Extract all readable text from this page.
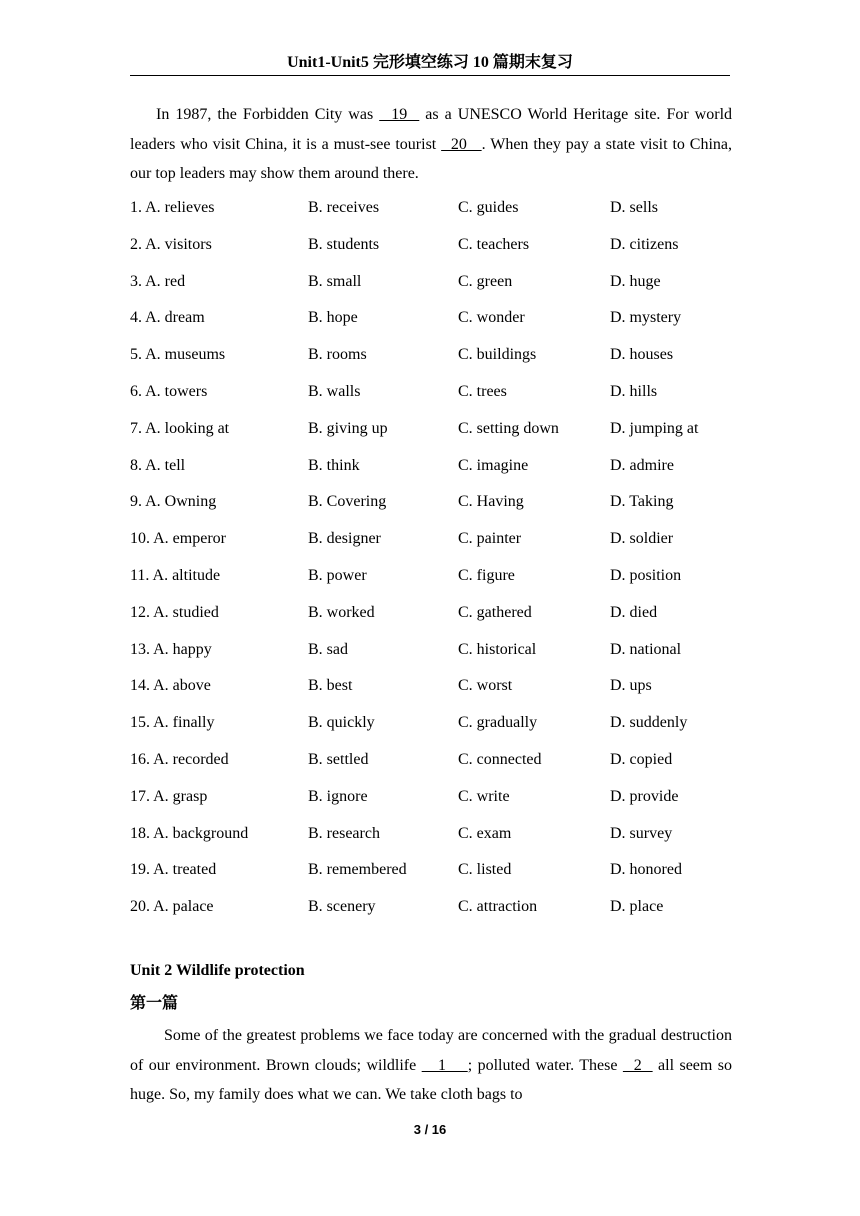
Unit1-Unit5 完形填空练习 10 篇期末复习

In 1987, the Forbidden City was   19   as a UNESCO World Heritage site. For world leaders who visit China, it is a must-see tourist   20   . When they pay a state visit to China, our top leaders may show them around there.

1. A. relieves	B. receives	C. guides	D. sells
2. A. visitors	B. students	C. teachers	D. citizens
3. A. red	B. small	C. green	D. huge
4. A. dream	B. hope	C. wonder	D. mystery
5. A. museums	B. rooms	C. buildings	D. houses
6. A. towers	B. walls	C. trees	D. hills
7. A. looking at	B. giving up	C. setting down	D. jumping at
8. A. tell	B. think	C. imagine	D. admire
9. A. Owning	B. Covering	C. Having	D. Taking
10. A. emperor	B. designer	C. painter	D. soldier
11. A. altitude	B. power	C. figure	D. position
12. A. studied	B. worked	C. gathered	D. died
13. A. happy	B. sad	C. historical	D. national
14. A. above	B. best	C. worst	D. ups
15. A. finally	B. quickly	C. gradually	D. suddenly
16. A. recorded	B. settled	C. connected	D. copied
17. A. grasp	B. ignore	C. write	D. provide
18. A. background	B. research	C. exam	D. survey
19. A. treated	B. remembered	C. listed	D. honored
20. A. palace	B. scenery	C. attraction	D. place
Unit 2 Wildlife protection
第一篇

Some of the greatest problems we face today are concerned with the gradual destruction of our environment. Brown clouds; wildlife    1    ; polluted water. These   2   all seem so huge. So, my family does what we can. We take cloth bags to

3 / 16
